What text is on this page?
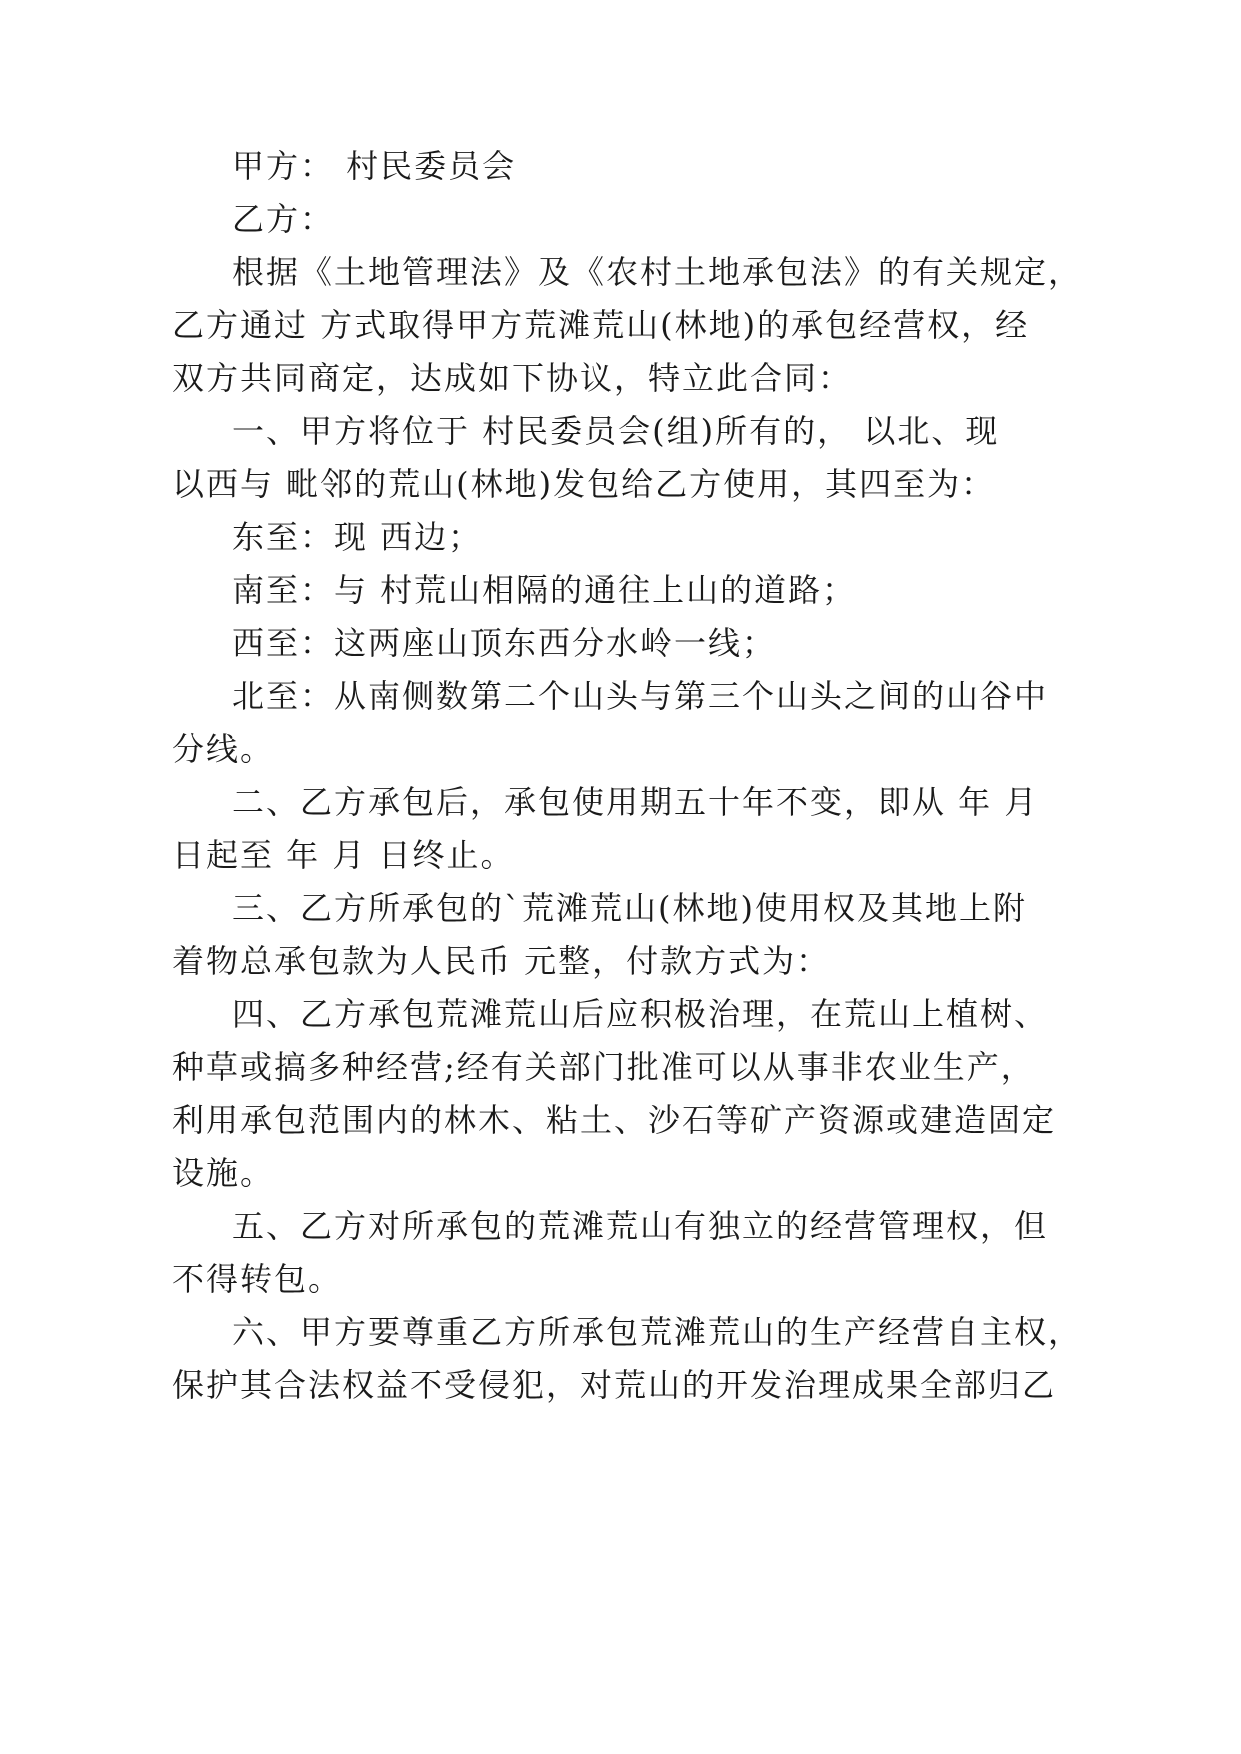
甲方： 村民委员会
乙方：
根据《土地管理法》及《农村土地承包法》的有关规定，
乙方通过 方式取得甲方荒滩荒山(林地)的承包经营权，经
双方共同商定，达成如下协议，特立此合同：
一、甲方将位于 村民委员会(组)所有的， 以北、现
以西与 毗邻的荒山(林地)发包给乙方使用，其四至为：
东至：现 西边；
南至：与 村荒山相隔的通往上山的道路；
西至：这两座山顶东西分水岭一线；
北至：从南侧数第二个山头与第三个山头之间的山谷中
分线。
二、乙方承包后，承包使用期五十年不变，即从 年 月
日起至 年 月 日终止。
三、乙方所承包的`荒滩荒山(林地)使用权及其地上附
着物总承包款为人民币 元整，付款方式为：
四、乙方承包荒滩荒山后应积极治理，在荒山上植树、
种草或搞多种经营;经有关部门批准可以从事非农业生产，
利用承包范围内的林木、粘土、沙石等矿产资源或建造固定
设施。
五、乙方对所承包的荒滩荒山有独立的经营管理权，但
不得转包。
六、甲方要尊重乙方所承包荒滩荒山的生产经营自主权，
保护其合法权益不受侵犯，对荒山的开发治理成果全部归乙
